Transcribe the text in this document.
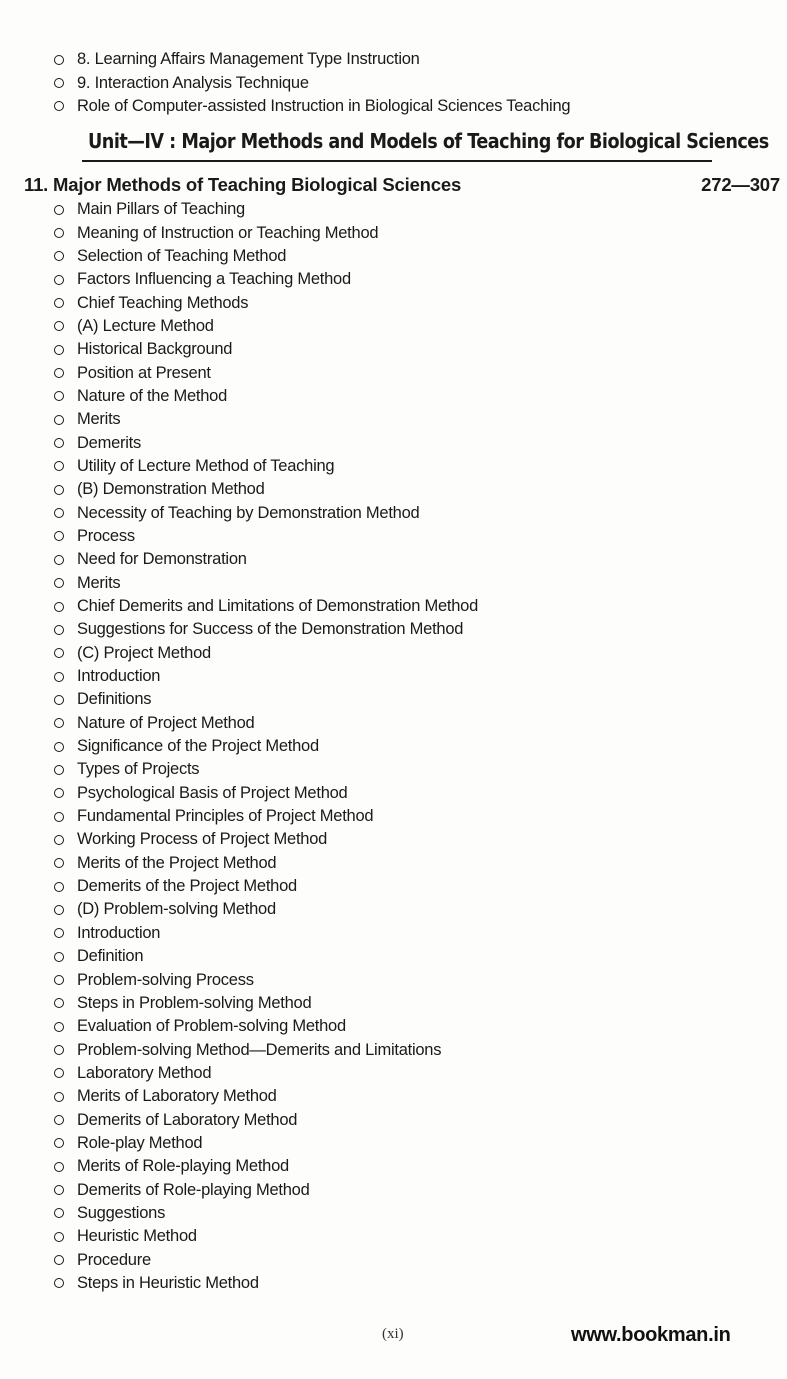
8. Learning Affairs Management Type Instruction
9. Interaction Analysis Technique
Role of Computer-assisted Instruction in Biological Sciences Teaching
Unit—IV : Major Methods and Models of Teaching for Biological Sciences
11. Major Methods of Teaching Biological Sciences	272—307
Main Pillars of Teaching
Meaning of Instruction or Teaching Method
Selection of Teaching Method
Factors Influencing a Teaching Method
Chief Teaching Methods
(A) Lecture Method
Historical Background
Position at Present
Nature of the Method
Merits
Demerits
Utility of Lecture Method of Teaching
(B) Demonstration Method
Necessity of Teaching by Demonstration Method
Process
Need for Demonstration
Merits
Chief Demerits and Limitations of Demonstration Method
Suggestions for Success of the Demonstration Method
(C) Project Method
Introduction
Definitions
Nature of Project Method
Significance of the Project Method
Types of Projects
Psychological Basis of Project Method
Fundamental Principles of Project Method
Working Process of Project Method
Merits of the Project Method
Demerits of the Project Method
(D) Problem-solving Method
Introduction
Definition
Problem-solving Process
Steps in Problem-solving Method
Evaluation of Problem-solving Method
Problem-solving Method—Demerits and Limitations
Laboratory Method
Merits of Laboratory Method
Demerits of Laboratory Method
Role-play Method
Merits of Role-playing Method
Demerits of Role-playing Method
Suggestions
Heuristic Method
Procedure
Steps in Heuristic Method
(xi)	www.bookman.in
